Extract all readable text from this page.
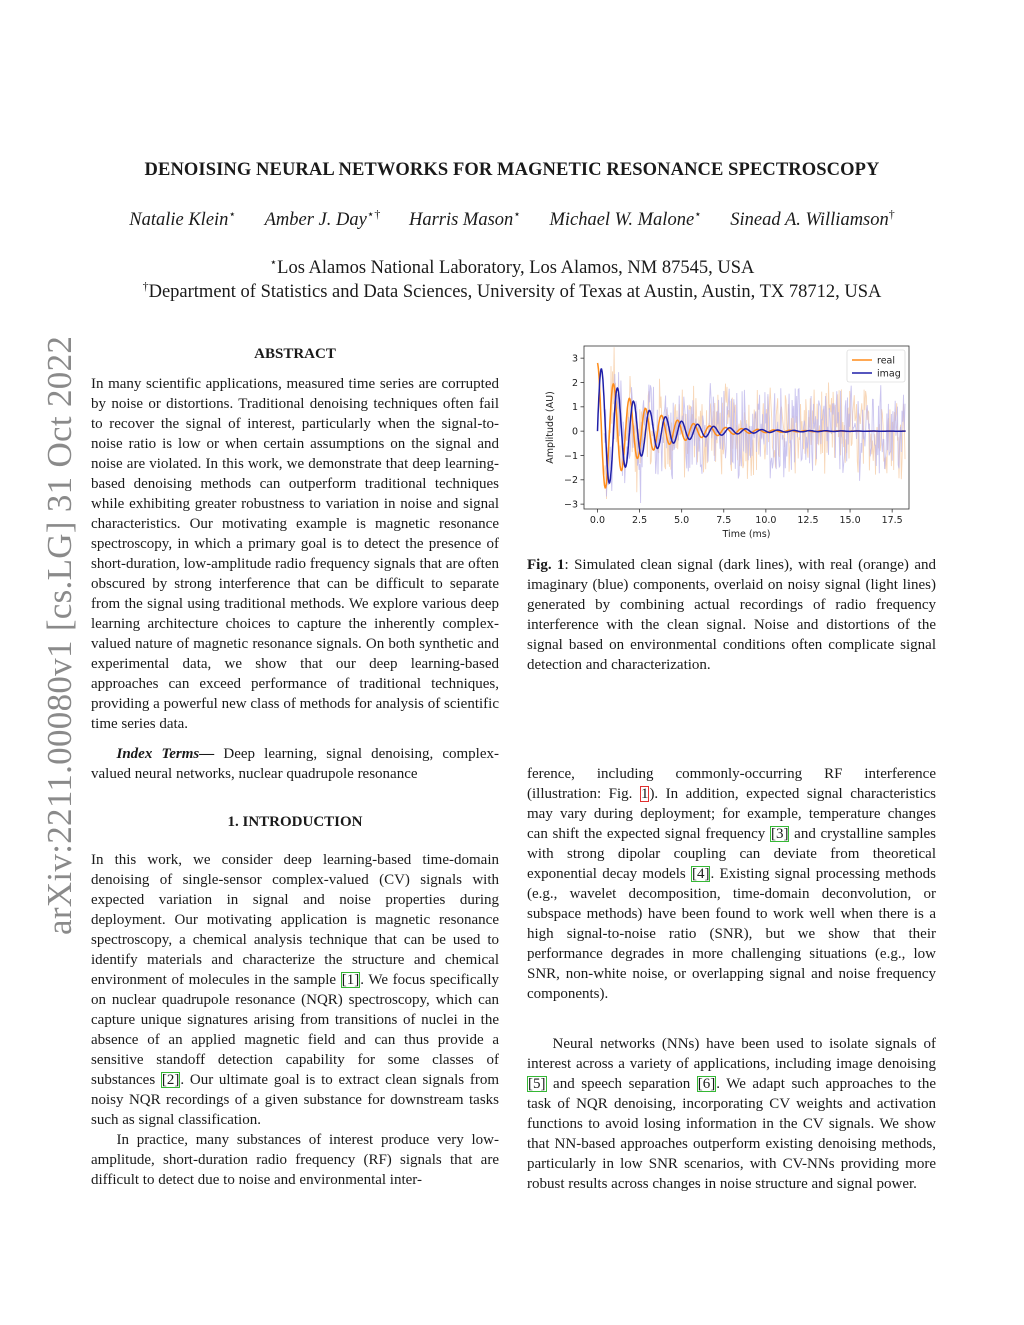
arXiv:2211.00080v1 [cs.LG] 31 Oct 2022
DENOISING NEURAL NETWORKS FOR MAGNETIC RESONANCE SPECTROSCOPY
Natalie Klein⋆ Amber J. Day⋆† Harris Mason⋆ Michael W. Malone⋆ Sinead A. Williamson†
⋆Los Alamos National Laboratory, Los Alamos, NM 87545, USA
†Department of Statistics and Data Sciences, University of Texas at Austin, Austin, TX 78712, USA
ABSTRACT

In many scientific applications, measured time series are corrupted by noise or distortions. Traditional denoising techniques often fail to recover the signal of interest, particularly when the signal-to-noise ratio is low or when certain assumptions on the signal and noise are violated. In this work, we demonstrate that deep learning-based denoising methods can outperform traditional techniques while exhibiting greater robustness to variation in noise and signal characteristics. Our motivating example is magnetic resonance spectroscopy, in which a primary goal is to detect the presence of short-duration, low-amplitude radio frequency signals that are often obscured by strong interference that can be difficult to separate from the signal using traditional methods. We explore various deep learning architecture choices to capture the inherently complex-valued nature of magnetic resonance signals. On both synthetic and experimental data, we show that our deep learning-based approaches can exceed performance of traditional techniques, providing a powerful new class of methods for analysis of scientific time series data.

Index Terms— Deep learning, signal denoising, complex-valued neural networks, nuclear quadrupole resonance

1. INTRODUCTION

In this work, we consider deep learning-based time-domain denoising of single-sensor complex-valued (CV) signals with expected variation in signal and noise properties during deployment. Our motivating application is magnetic resonance spectroscopy, a chemical analysis technique that can be used to identify materials and characterize the structure and chemical environment of molecules in the sample [1]. We focus specifically on nuclear quadrupole resonance (NQR) spectroscopy, which can capture unique signatures arising from transitions of nuclei in the absence of an applied magnetic field and can thus provide a sensitive standoff detection capability for some classes of substances [2]. Our ultimate goal is to extract clean signals from noisy NQR recordings of a given substance for downstream tasks such as signal classification.

In practice, many substances of interest produce very low-amplitude, short-duration radio frequency (RF) signals that are difficult to detect due to noise and environmental inter-

0.0	2.5	5.0	7.5	10.0 12.5 15.0 17.5
−3
−2
−1
0
1
2
3
Time (ms)
Amplitude (AU)
real
imag
Fig. 1: Simulated clean signal (dark lines), with real (orange) and imaginary (blue) components, overlaid on noisy signal (light lines) generated by combining actual recordings of radio frequency interference with the clean signal. Noise and distortions of the signal based on environmental conditions often complicate signal detection and characterization.

ference, including commonly-occurring RF interference (illustration: Fig. 1). In addition, expected signal characteristics may vary during deployment; for example, temperature changes can shift the expected signal frequency [3] and crystalline samples with strong dipolar coupling can deviate from theoretical exponential decay models [4]. Existing signal processing methods (e.g., wavelet decomposition, time-domain deconvolution, or subspace methods) have been found to work well when there is a high signal-to-noise ratio (SNR), but we show that their performance degrades in more challenging situations (e.g., low SNR, non-white noise, or overlapping signal and noise frequency components).

Neural networks (NNs) have been used to isolate signals of interest across a variety of applications, including image denoising [5] and speech separation [6]. We adapt such approaches to the task of NQR denoising, incorporating CV weights and activation functions to avoid losing information in the CV signals. We show that NN-based approaches outperform existing denoising methods, particularly in low SNR scenarios, with CV-NNs providing more robust results across changes in noise structure and signal power.
